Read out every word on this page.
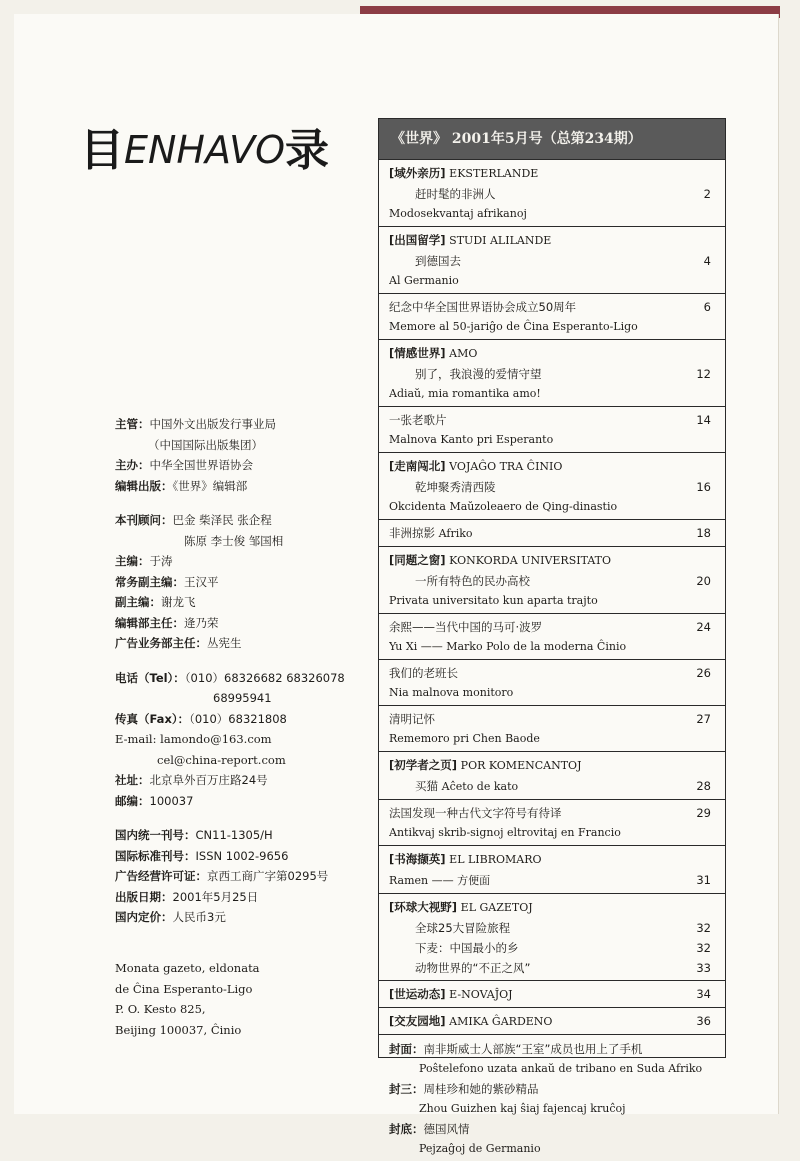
目ENHAVO录
主管：中国外文出版发行事业局
（中国国际出版集团）
主办：中华全国世界语协会
编辑出版：《世界》编辑部
本刊顾问：巴金 柴泽民 张企程
陈原 李士俊 邹国相
主编：于涛
常务副主编：王汉平
副主编：谢龙飞
编辑部主任：逄乃荣
广告业务部主任：丛宪生
电话（Tel）：（010）68326682 68326078
68995941
传真（Fax）：（010）68321808
E-mail: lamondo@163.com
cel@china-report.com
社址：北京阜外百万庄路24号
邮编：100037
国内统一刊号：CN11-1305/H
国际标准刊号：ISSN 1002-9656
广告经营许可证：京西工商广字第0295号
出版日期：2001年5月25日
国内定价：人民币3元
Monata gazeto, eldonata
de Ĉina Esperanto-Ligo
P. O. Kesto 825,
Beijing 100037, Ĉinio
《世界》 2001年5月号（总第234期）
[域外亲历] EKSTERLANDE
赶时髦的非洲人	2
Modosekvantaj afrikanoj
[出国留学] STUDI ALILANDE
到德国去	4
Al Germanio
纪念中华全国世界语协会成立50周年	6
Memore al 50-jariĝo de Ĉina Esperanto-Ligo
[情感世界] AMO
别了，我浪漫的爱情守望	12
Adiaŭ, mia romantika amo!
一张老歌片	14
Malnova Kanto pri Esperanto
[走南闯北] VOJAĜO TRA ĈINIO
乾坤聚秀清西陵	16
Okcidenta Maŭzoleaero de Qing-dinastio
非洲掠影 Afriko	18
[同题之窗] KONKORDA UNIVERSITATO
一所有特色的民办高校	20
Privata universitato kun aparta trajto
余熙——当代中国的马可·波罗	24
Yu Xi —— Marko Polo de la moderna Ĉinio
我们的老班长	26
Nia malnova monitoro
清明记怀	27
Rememoro pri Chen Baode
[初学者之页] POR KOMENCANTOJ
买猫 Aĉeto de kato	28
法国发现一种古代文字符号有待译	29
Antikvaj skrib-signoj eltrovitaj en Francio
[书海撷英] EL LIBROMARO
Ramen —— 方便面	31
[环球大视野] EL GAZETOJ
全球25大冒险旅程	32
下麦：中国最小的乡	32
动物世界的“不正之风”	33
[世运动态] E-NOVAĴOJ	34
[交友园地] AMIKA ĜARDENO	36
封面：南非斯威士人部族“王室”成员也用上了手机
Poŝtelefono uzata ankaŭ de tribano en Suda Afriko
封三：周桂珍和她的紫砂精品
Zhou Guizhen kaj ŝiaj fajencaj kruĉoj
封底：德国风情
Pejzaĝoj de Germanio
